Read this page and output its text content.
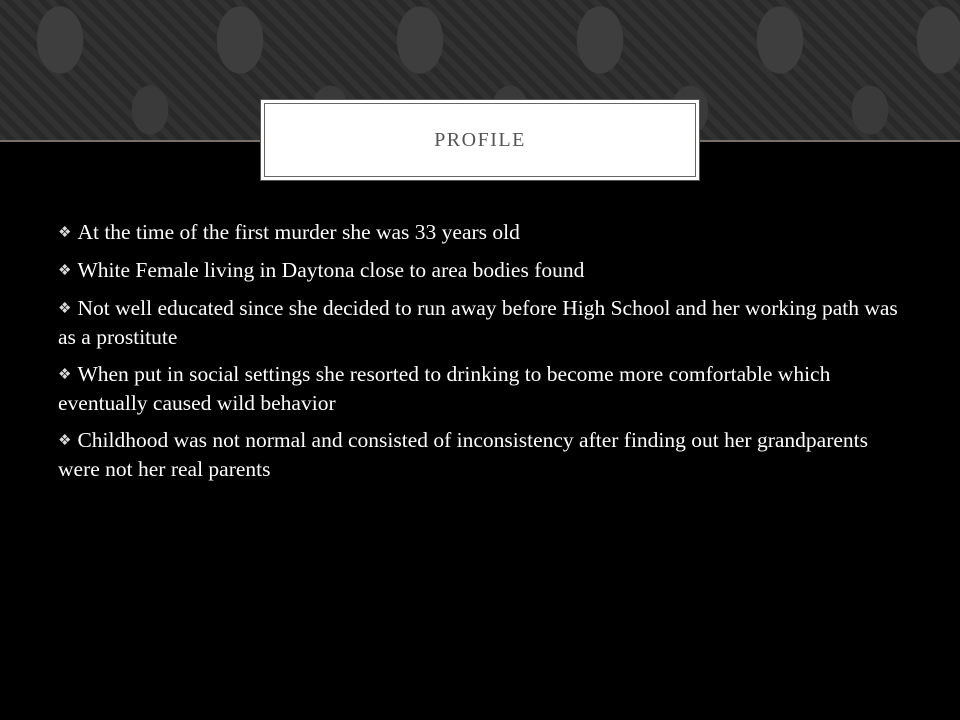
PROFILE
❖ At the time of the first murder she was 33 years old
❖ White Female living in Daytona close to area bodies found
❖ Not well educated since she decided to run away before High School and her working path was as a prostitute
❖ When put in social settings she resorted to drinking to become more comfortable which eventually caused wild behavior
❖ Childhood was not normal and consisted of inconsistency after finding out her grandparents were not her real parents
